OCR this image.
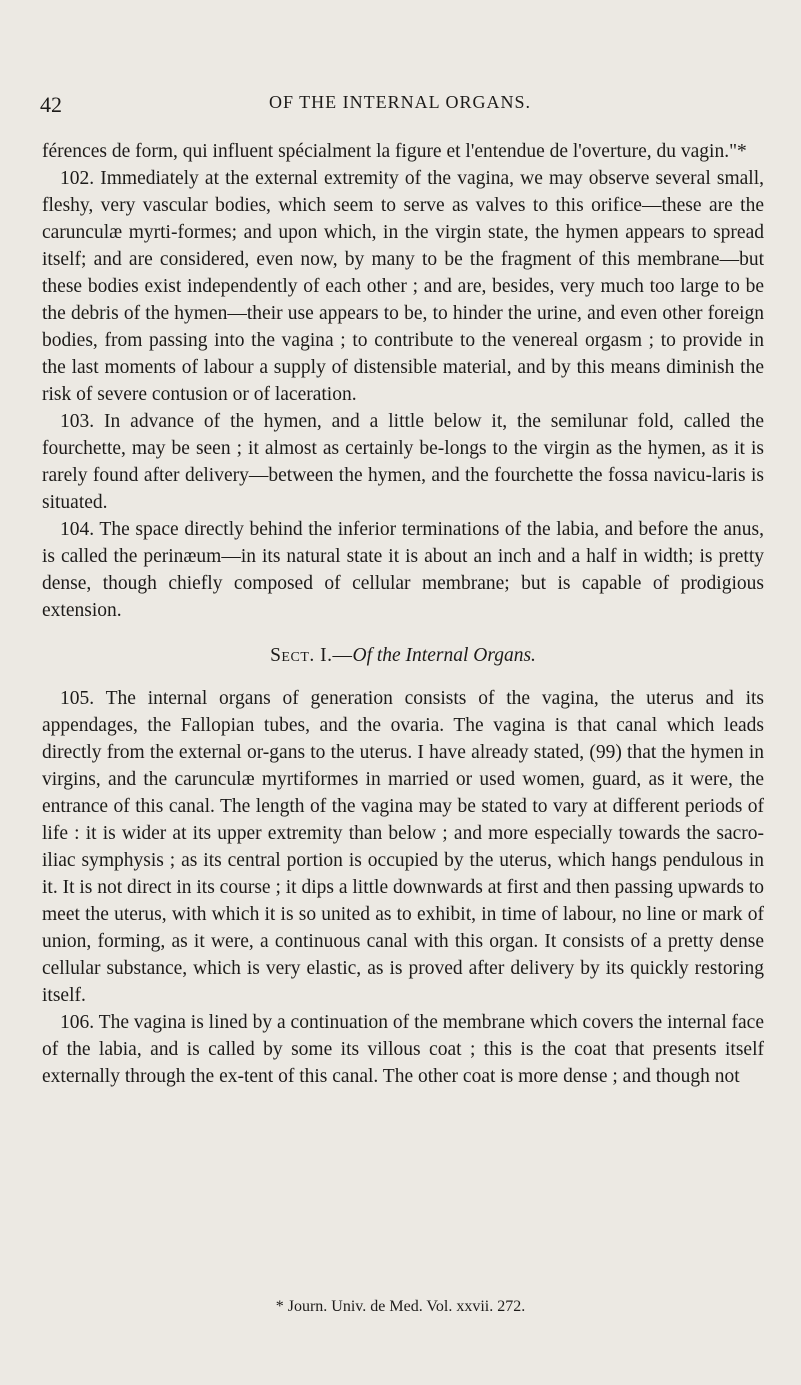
42	OF THE INTERNAL ORGANS.

férences de form, qui influent spécialment la figure et l'entendue de l'overture, du vagin."*

102. Immediately at the external extremity of the vagina, we may observe several small, fleshy, very vascular bodies, which seem to serve as valves to this orifice—these are the carunculæ myrti-formes; and upon which, in the virgin state, the hymen appears to spread itself; and are considered, even now, by many to be the fragment of this membrane—but these bodies exist independently of each other ; and are, besides, very much too large to be the debris of the hymen—their use appears to be, to hinder the urine, and even other foreign bodies, from passing into the vagina ; to contribute to the venereal orgasm ; to provide in the last moments of labour a supply of distensible material, and by this means diminish the risk of severe contusion or of laceration.

103. In advance of the hymen, and a little below it, the semilunar fold, called the fourchette, may be seen ; it almost as certainly be-longs to the virgin as the hymen, as it is rarely found after delivery—between the hymen, and the fourchette the fossa navicu-laris is situated.

104. The space directly behind the inferior terminations of the labia, and before the anus, is called the perinæum—in its natural state it is about an inch and a half in width; is pretty dense, though chiefly composed of cellular membrane; but is capable of prodigious extension.

Sect. I.—Of the Internal Organs.

105. The internal organs of generation consists of the vagina, the uterus and its appendages, the Fallopian tubes, and the ovaria. The vagina is that canal which leads directly from the external or-gans to the uterus. I have already stated, (99) that the hymen in virgins, and the carunculæ myrtiformes in married or used women, guard, as it were, the entrance of this canal. The length of the vagina may be stated to vary at different periods of life : it is wider at its upper extremity than below ; and more especially towards the sacro-iliac symphysis ; as its central portion is occupied by the uterus, which hangs pendulous in it. It is not direct in its course ; it dips a little downwards at first and then passing upwards to meet the uterus, with which it is so united as to exhibit, in time of labour, no line or mark of union, forming, as it were, a continuous canal with this organ. It consists of a pretty dense cellular substance, which is very elastic, as is proved after delivery by its quickly restoring itself.

106. The vagina is lined by a continuation of the membrane which covers the internal face of the labia, and is called by some its villous coat ; this is the coat that presents itself externally through the ex-tent of this canal. The other coat is more dense ; and though not

* Journ. Univ. de Med. Vol. xxvii. 272.
